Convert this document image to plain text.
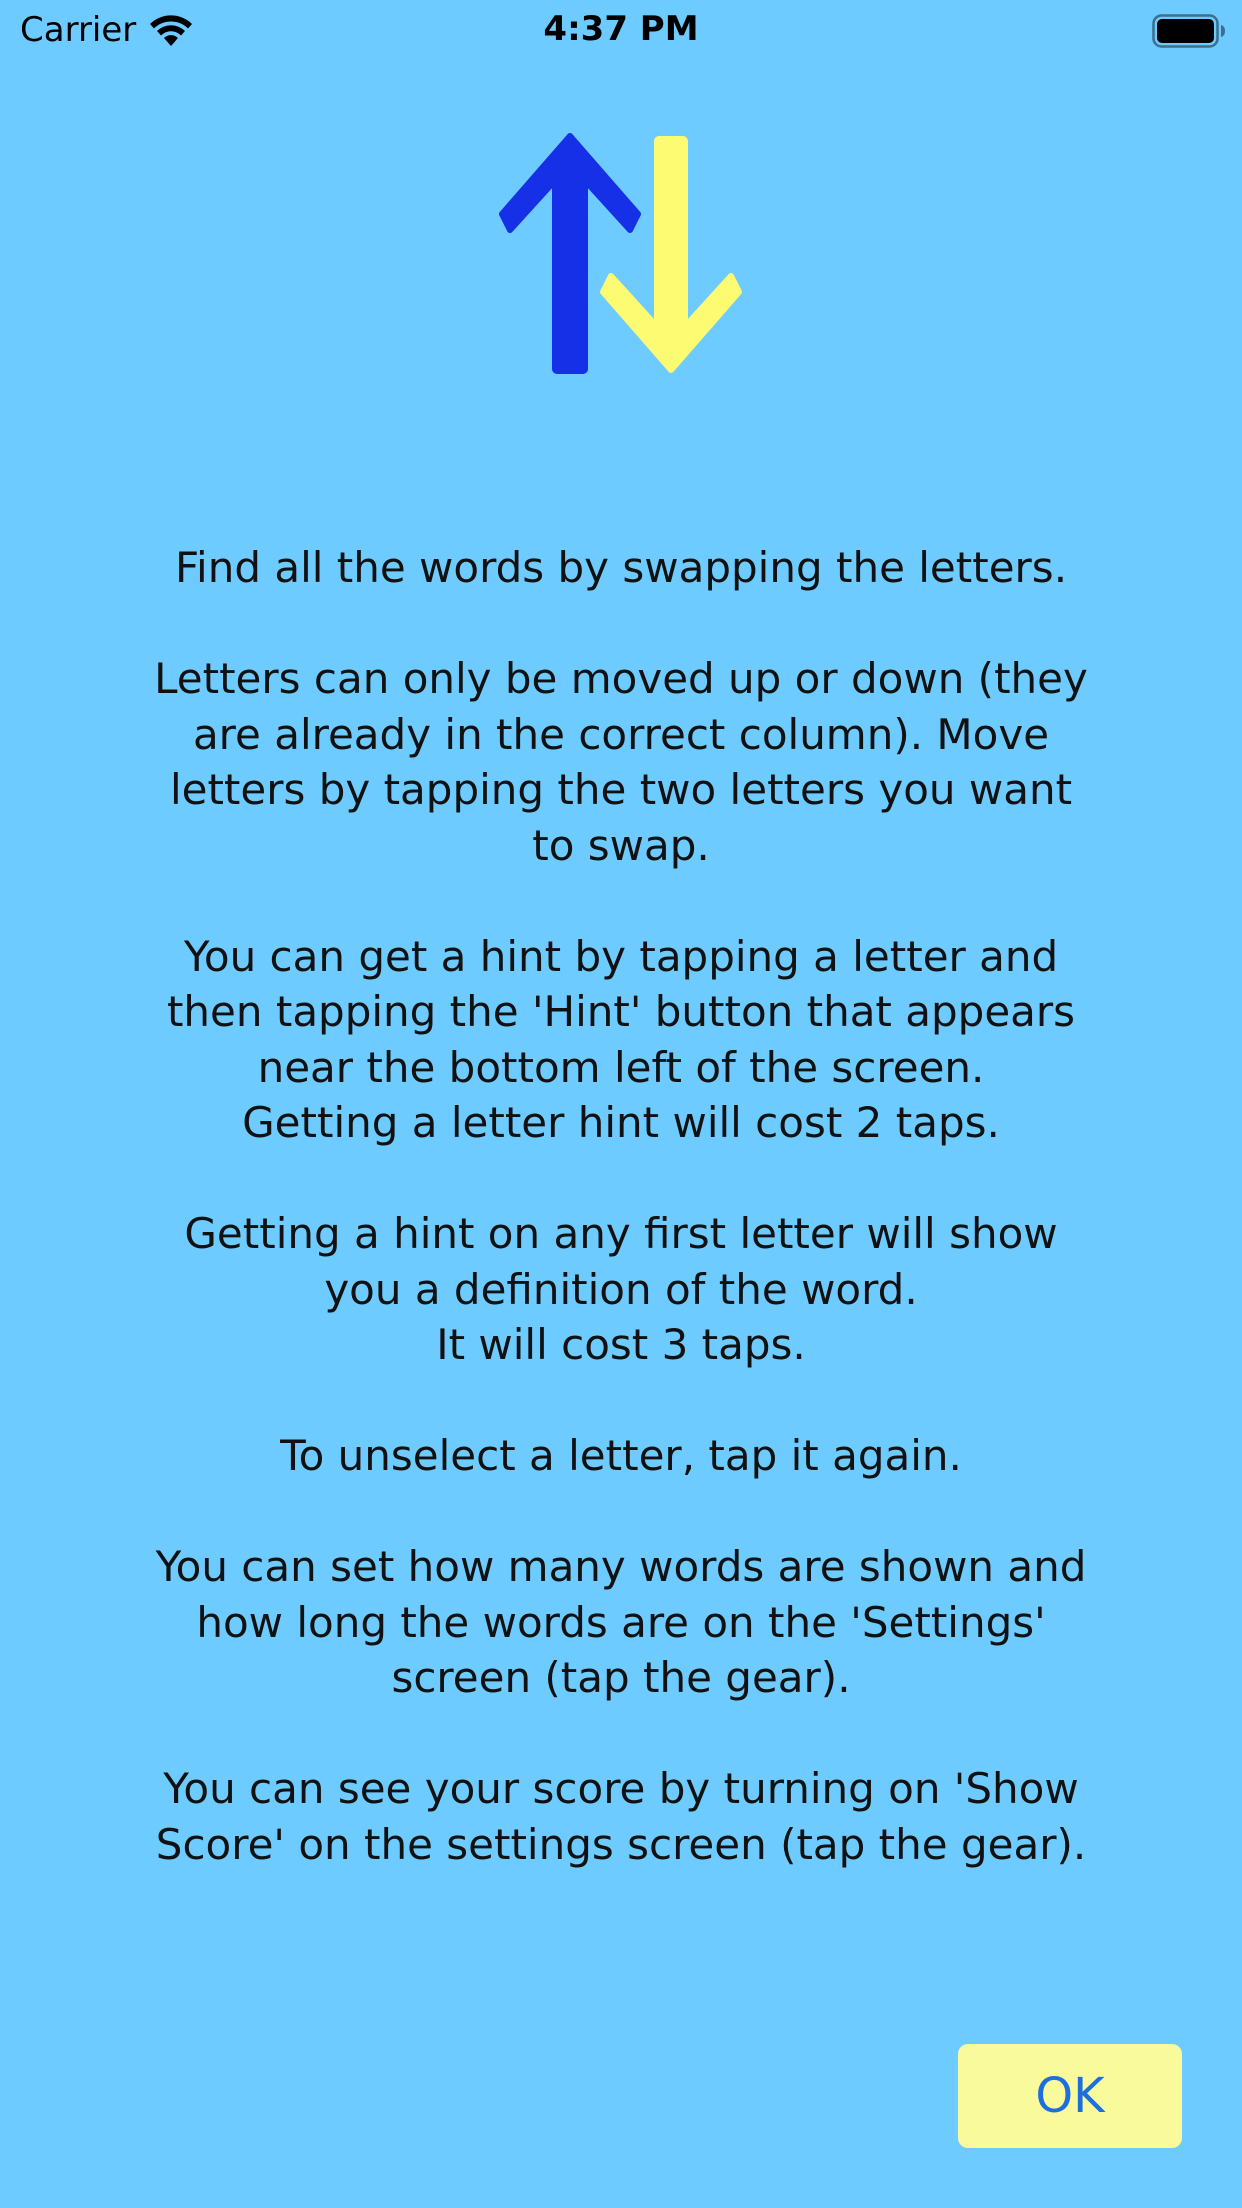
Carrier	4:37 PM

Find all the words by swapping the letters.

Letters can only be moved up or down (they
are already in the correct column). Move
letters by tapping the two letters you want
to swap.

You can get a hint by tapping a letter and
then tapping the 'Hint' button that appears
near the bottom left of the screen.
Getting a letter hint will cost 2 taps.

Getting a hint on any first letter will show
you a definition of the word.
It will cost 3 taps.

To unselect a letter, tap it again.

You can set how many words are shown and
how long the words are on the 'Settings'
screen (tap the gear).

You can see your score by turning on 'Show
Score' on the settings screen (tap the gear).

OK
